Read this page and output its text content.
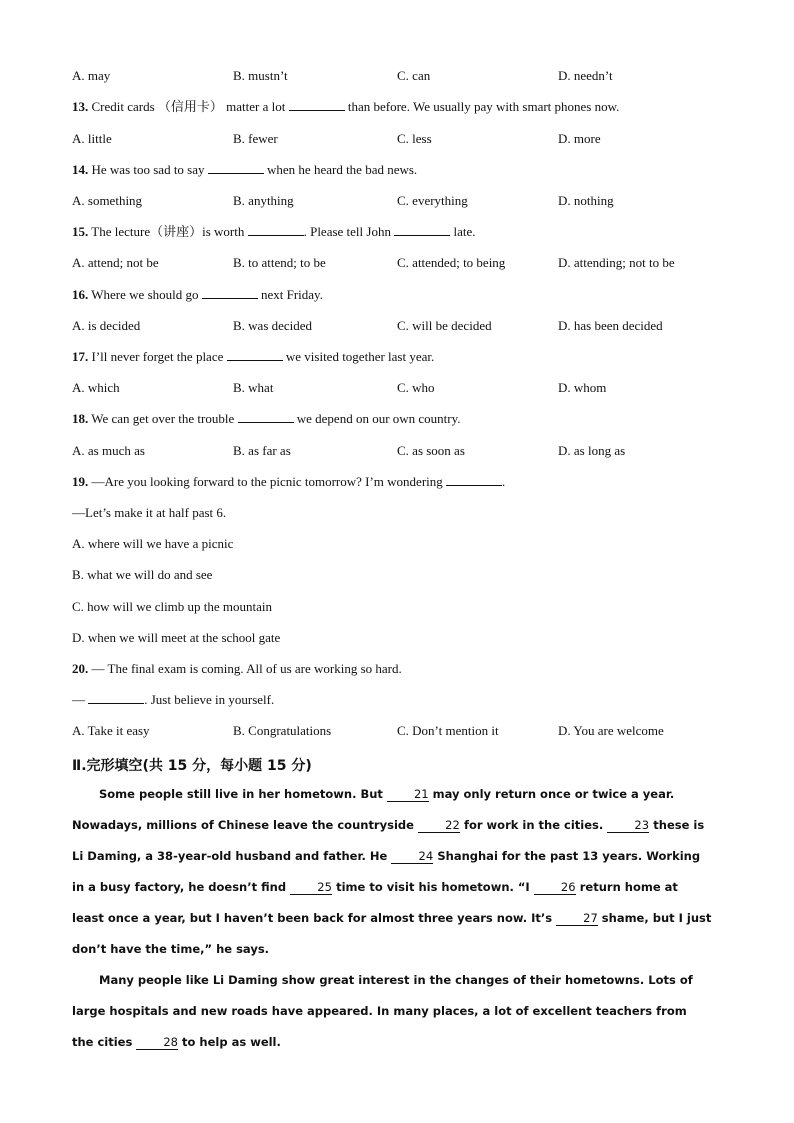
A. may	B. mustn’t	C. can	D. needn’t
13. Credit cards （信用卡） matter a lot	than before. We usually pay with smart phones now.
A. little	B. fewer	C. less	D. more
14. He was too sad to say	when he heard the bad news.
A. something	B. anything	C. everything	D. nothing
15. The lecture（讲座）is worth	. Please tell John	late.
A. attend; not be	B. to attend; to be	C. attended; to being	D. attending; not to be
16. Where we should go	next Friday.
A. is decided	B. was decided	C. will be decided	D. has been decided
17. I’ll never forget the place	we visited together last year.
A. which	B. what	C. who	D. whom
18. We can get over the trouble	we depend on our own country.
A. as much as	B. as far as	C. as soon as	D. as long as
19. —Are you looking forward to the picnic tomorrow? I’m wondering	.
—Let’s make it at half past 6.
A. where will we have a picnic
B. what we will do and see
C. how will we climb up the mountain
D. when we will meet at the school gate
20. — The final exam is coming. All of us are working so hard.
—	. Just believe in yourself.
A. Take it easy	B. Congratulations	C. Don’t mention it	D. You are welcome
Ⅱ.完形填空(共 15 分，每小题 15 分)

Some people still live in her hometown. But	21 may only return once or twice a year. Nowadays, millions of Chinese leave the countryside	22 for work in the cities.	23 these is Li Daming, a 38-year-old husband and father. He	24 Shanghai for the past 13 years. Working in a busy factory, he doesn’t find	25 time to visit his hometown. “I	26 return home at least once a year, but I haven’t been back for almost three years now. It’s	27 shame, but I just don’t have the time,” he says.

Many people like Li Daming show great interest in the changes of their hometowns. Lots of large hospitals and new roads have appeared. In many places, a lot of excellent teachers from the cities	28 to help as well.
